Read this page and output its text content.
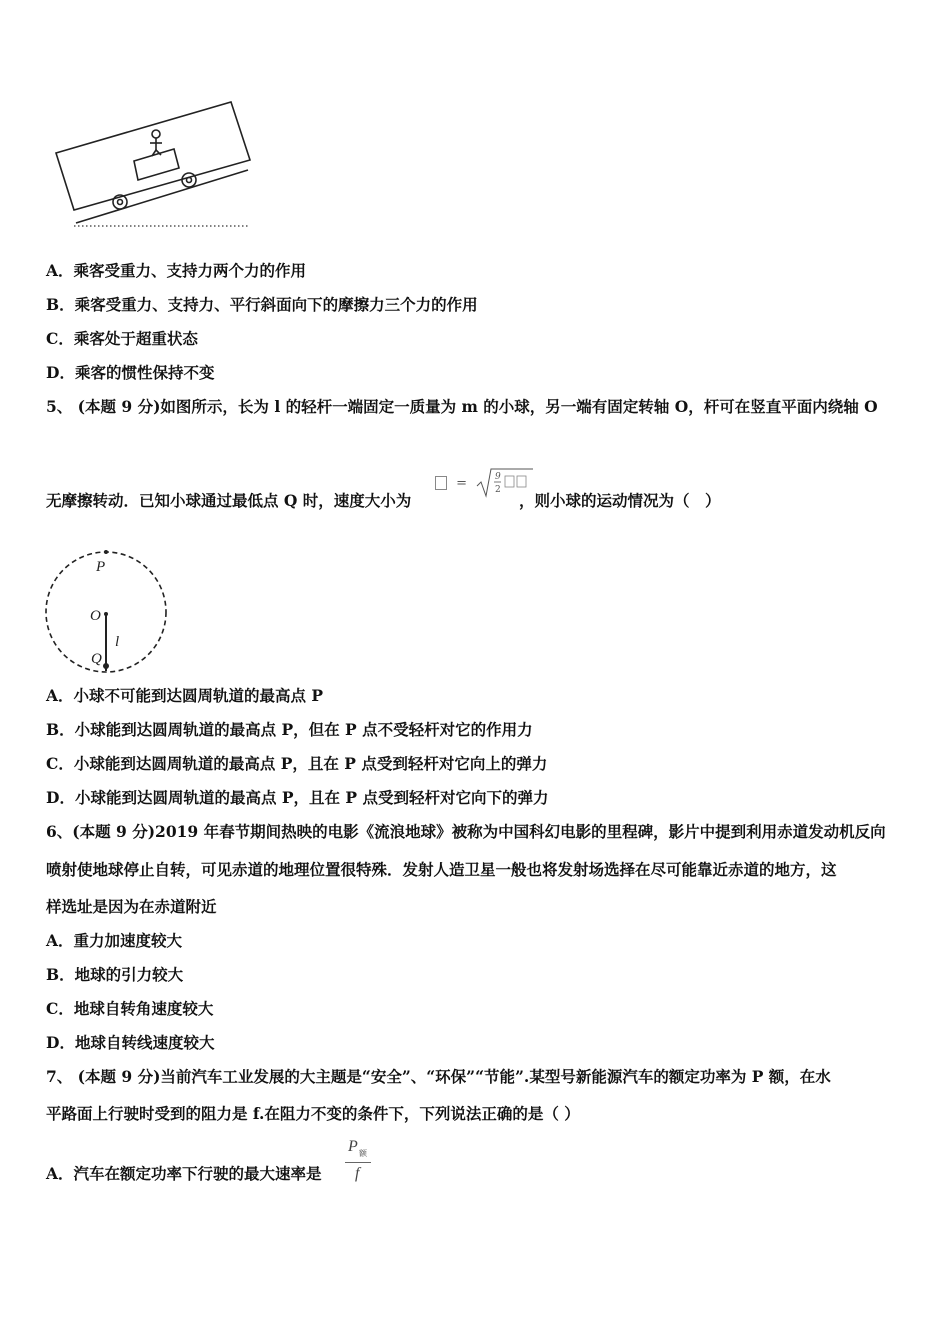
A．乘客受重力、支持力两个力的作用
B．乘客受重力、支持力、平行斜面向下的摩擦力三个力的作用
C．乘客处于超重状态
D．乘客的惯性保持不变
5、 (本题 9 分)如图所示，长为 l 的轻杆一端固定一质量为 m 的小球，另一端有固定转轴 O，杆可在竖直平面内绕轴 O
=	9
2
无摩擦转动．已知小球通过最低点 Q 时，速度大小为	，则小球的运动情况为（　）
P
O
l
Q
A．小球不可能到达圆周轨道的最高点 P
B．小球能到达圆周轨道的最高点 P，但在 P 点不受轻杆对它的作用力
C．小球能到达圆周轨道的最高点 P，且在 P 点受到轻杆对它向上的弹力
D．小球能到达圆周轨道的最高点 P，且在 P 点受到轻杆对它向下的弹力
6、(本题 9 分)2019 年春节期间热映的电影《流浪地球》被称为中国科幻电影的里程碑，影片中提到利用赤道发动机反向
喷射使地球停止自转，可见赤道的地理位置很特殊．发射人造卫星一般也将发射场选择在尽可能靠近赤道的地方，这
样选址是因为在赤道附近
A．重力加速度较大
B．地球的引力较大
C．地球自转角速度较大
D．地球自转线速度较大
7、 (本题 9 分)当前汽车工业发展的大主题是“安全”、“环保”“节能”.某型号新能源汽车的额定功率为 P 额，在水
平路面上行驶时受到的阻力是 f.在阻力不变的条件下，下列说法正确的是（ ）
A．汽车在额定功率下行驶的最大速率是
P 额
f
